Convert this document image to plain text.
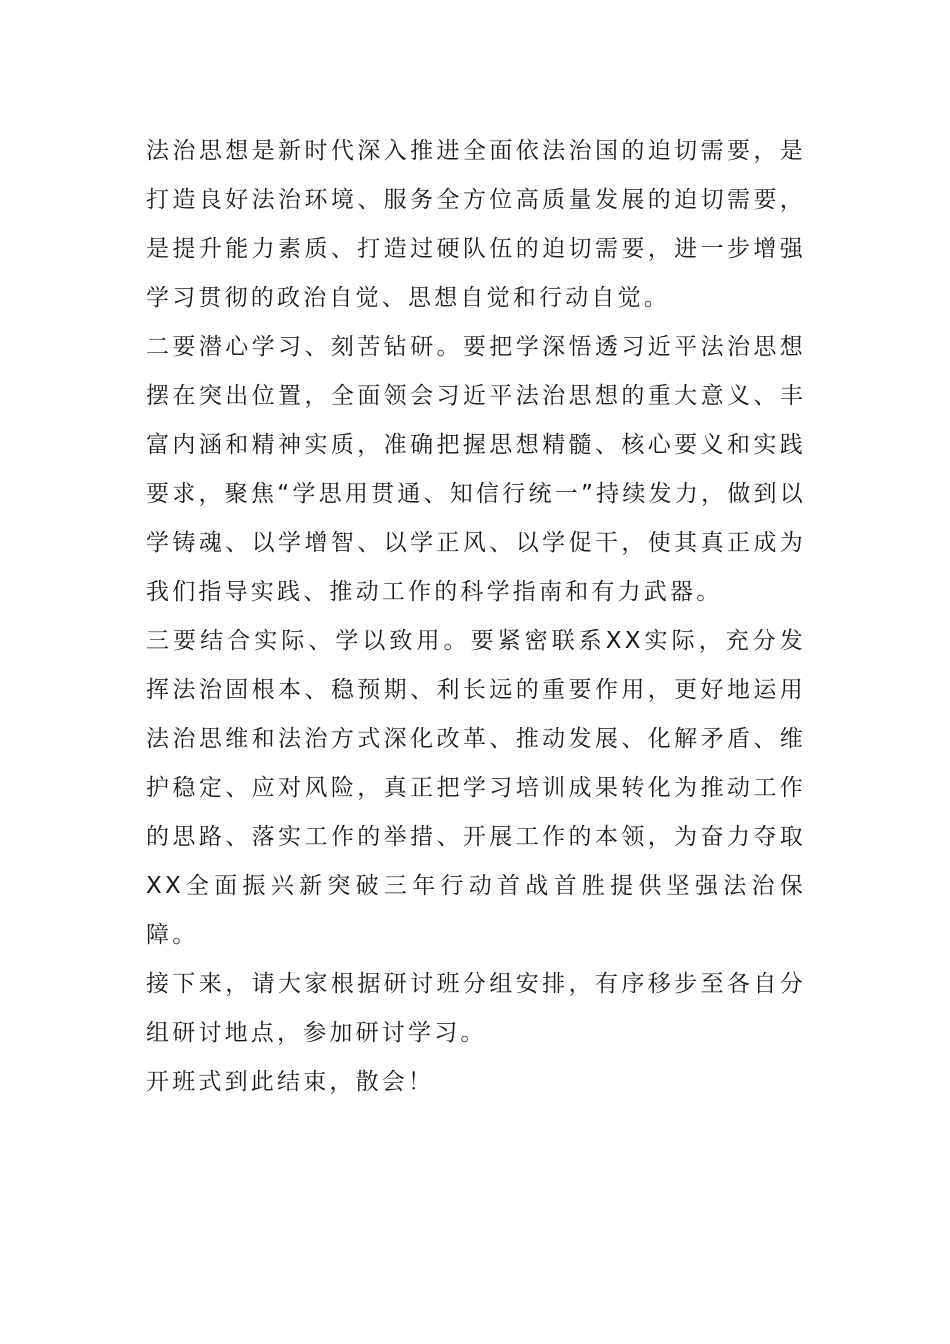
法治思想是新时代深入推进全面依法治国的迫切需要，是打造良好法治环境、服务全方位高质量发展的迫切需要，是提升能力素质、打造过硬队伍的迫切需要，进一步增强学习贯彻的政治自觉、思想自觉和行动自觉。

二要潜心学习、刻苦钻研。要把学深悟透习近平法治思想摆在突出位置，全面领会习近平法治思想的重大意义、丰富内涵和精神实质，准确把握思想精髓、核心要义和实践要求，聚焦“学思用贯通、知信行统一”持续发力，做到以学铸魂、以学增智、以学正风、以学促干，使其真正成为我们指导实践、推动工作的科学指南和有力武器。

三要结合实际、学以致用。要紧密联系XX实际，充分发挥法治固根本、稳预期、利长远的重要作用，更好地运用法治思维和法治方式深化改革、推动发展、化解矛盾、维护稳定、应对风险，真正把学习培训成果转化为推动工作的思路、落实工作的举措、开展工作的本领，为奋力夺取XX全面振兴新突破三年行动首战首胜提供坚强法治保障。

接下来，请大家根据研讨班分组安排，有序移步至各自分组研讨地点，参加研讨学习。

开班式到此结束，散会！
